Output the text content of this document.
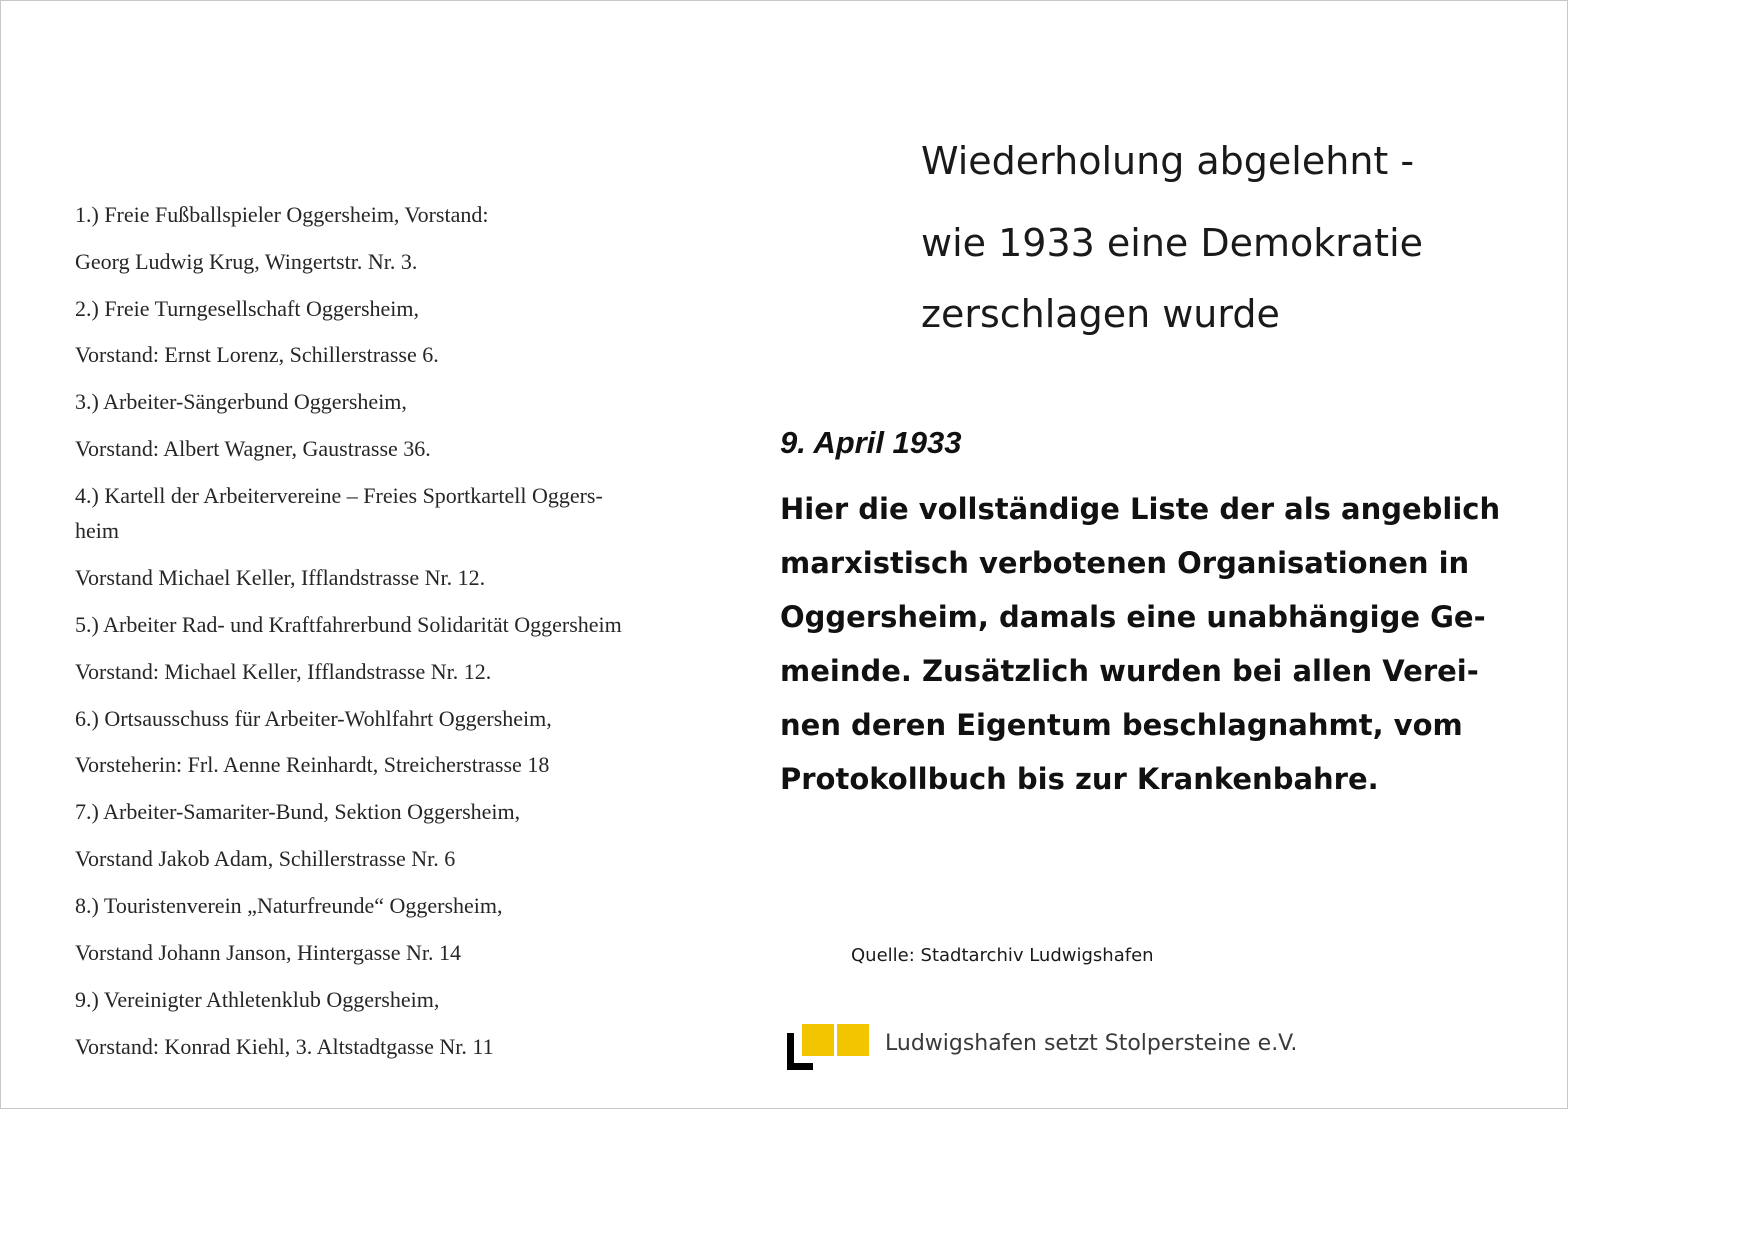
1.) Freie Fußballspieler Oggersheim, Vorstand:
Georg Ludwig Krug, Wingertstr. Nr. 3.
2.) Freie Turngesellschaft Oggersheim,
Vorstand: Ernst Lorenz, Schillerstrasse 6.
3.) Arbeiter-Sängerbund Oggersheim,
Vorstand: Albert Wagner, Gaustrasse 36.
4.) Kartell der Arbeitervereine – Freies Sportkartell Oggers-
heim
Vorstand Michael Keller, Ifflandstrasse Nr. 12.
5.) Arbeiter Rad- und Kraftfahrerbund Solidarität Oggersheim
Vorstand: Michael Keller, Ifflandstrasse Nr. 12.
6.) Ortsausschuss für Arbeiter-Wohlfahrt Oggersheim,
Vorsteherin: Frl. Aenne Reinhardt, Streicherstrasse 18
7.) Arbeiter-Samariter-Bund, Sektion Oggersheim,
Vorstand Jakob Adam, Schillerstrasse Nr. 6
8.) Touristenverein „Naturfreunde“ Oggersheim,
Vorstand Johann Janson, Hintergasse Nr. 14
9.) Vereinigter Athletenklub Oggersheim,
Vorstand: Konrad Kiehl, 3. Altstadtgasse Nr. 11
Wiederholung abgelehnt -
wie 1933 eine Demokratie
zerschlagen wurde
9. April 1933
Hier die vollständige Liste der als angeblich
marxistisch verbotenen Organisationen in
Oggersheim, damals eine unabhängige Ge-
meinde. Zusätzlich wurden bei allen Verei-
nen deren Eigentum beschlagnahmt, vom
Protokollbuch bis zur Krankenbahre.
Quelle: Stadtarchiv Ludwigshafen
Ludwigshafen setzt Stolpersteine e.V.
